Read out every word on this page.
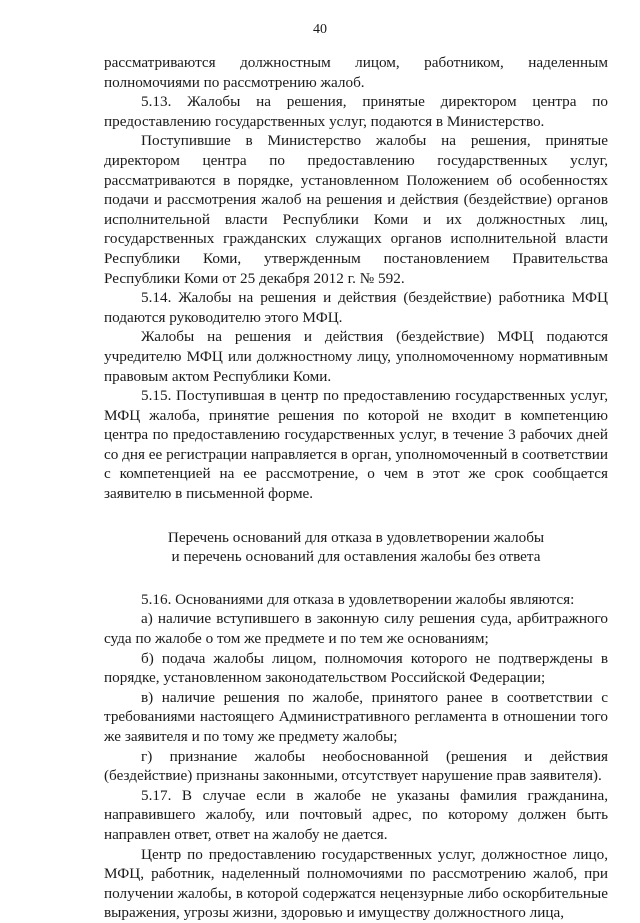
40

рассматриваются должностным лицом, работником, наделенным полномочиями по рассмотрению жалоб.

5.13. Жалобы на решения, принятые директором центра по предоставлению государственных услуг, подаются в Министерство.

Поступившие в Министерство жалобы на решения, принятые директором центра по предоставлению государственных услуг, рассматриваются в порядке, установленном Положением об особенностях подачи и рассмотрения жалоб на решения и действия (бездействие) органов исполнительной власти Республики Коми и их должностных лиц, государственных гражданских служащих органов исполнительной власти Республики Коми, утвержденным постановлением Правительства Республики Коми от 25 декабря 2012 г. № 592.

5.14. Жалобы на решения и действия (бездействие) работника МФЦ подаются руководителю этого МФЦ.

Жалобы на решения и действия (бездействие) МФЦ подаются учредителю МФЦ или должностному лицу, уполномоченному нормативным правовым актом Республики Коми.

5.15. Поступившая в центр по предоставлению государственных услуг, МФЦ жалоба, принятие решения по которой не входит в компетенцию центра по предоставлению государственных услуг, в течение 3 рабочих дней со дня ее регистрации направляется в орган, уполномоченный в соответствии с компетенцией на ее рассмотрение, о чем в этот же срок сообщается заявителю в письменной форме.

Перечень оснований для отказа в удовлетворении жалобы
и перечень оснований для оставления жалобы без ответа

5.16. Основаниями для отказа в удовлетворении жалобы являются:

а) наличие вступившего в законную силу решения суда, арбитражного суда по жалобе о том же предмете и по тем же основаниям;

б) подача жалобы лицом, полномочия которого не подтверждены в порядке, установленном законодательством Российской Федерации;

в) наличие решения по жалобе, принятого ранее в соответствии с требованиями настоящего Административного регламента в отношении того же заявителя и по тому же предмету жалобы;

г) признание жалобы необоснованной (решения и действия (бездействие) признаны законными, отсутствует нарушение прав заявителя).

5.17. В случае если в жалобе не указаны фамилия гражданина, направившего жалобу, или почтовый адрес, по которому должен быть направлен ответ, ответ на жалобу не дается.

Центр по предоставлению государственных услуг, должностное лицо, МФЦ, работник, наделенный полномочиями по рассмотрению жалоб, при получении жалобы, в которой содержатся нецензурные либо оскорбительные выражения, угрозы жизни, здоровью и имуществу должностного лица,
